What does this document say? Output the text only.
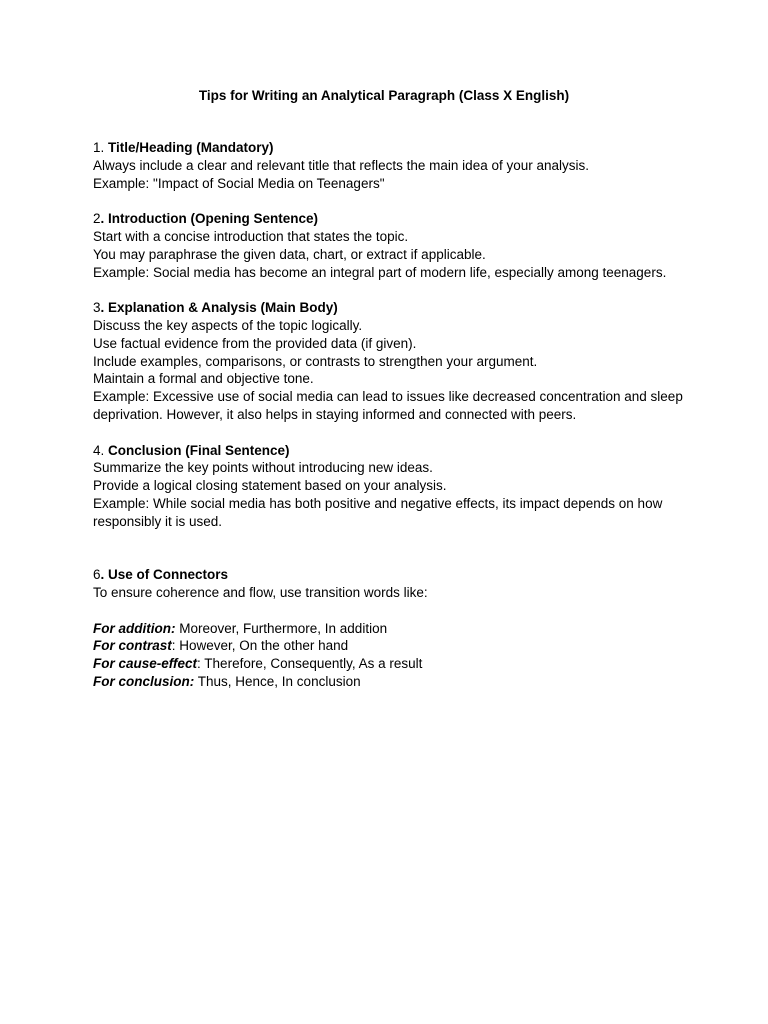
Tips for Writing an Analytical Paragraph (Class X English)
1. Title/Heading (Mandatory)
Always include a clear and relevant title that reflects the main idea of your analysis.
Example: "Impact of Social Media on Teenagers"
2. Introduction (Opening Sentence)
Start with a concise introduction that states the topic.
You may paraphrase the given data, chart, or extract if applicable.
Example: Social media has become an integral part of modern life, especially among teenagers.
3. Explanation & Analysis (Main Body)
Discuss the key aspects of the topic logically.
Use factual evidence from the provided data (if given).
Include examples, comparisons, or contrasts to strengthen your argument.
Maintain a formal and objective tone.
Example: Excessive use of social media can lead to issues like decreased concentration and sleep deprivation. However, it also helps in staying informed and connected with peers.
4. Conclusion (Final Sentence)
Summarize the key points without introducing new ideas.
Provide a logical closing statement based on your analysis.
Example: While social media has both positive and negative effects, its impact depends on how responsibly it is used.
6. Use of Connectors
To ensure coherence and flow, use transition words like:
For addition: Moreover, Furthermore, In addition
For contrast: However, On the other hand
For cause-effect: Therefore, Consequently, As a result
For conclusion: Thus, Hence, In conclusion
